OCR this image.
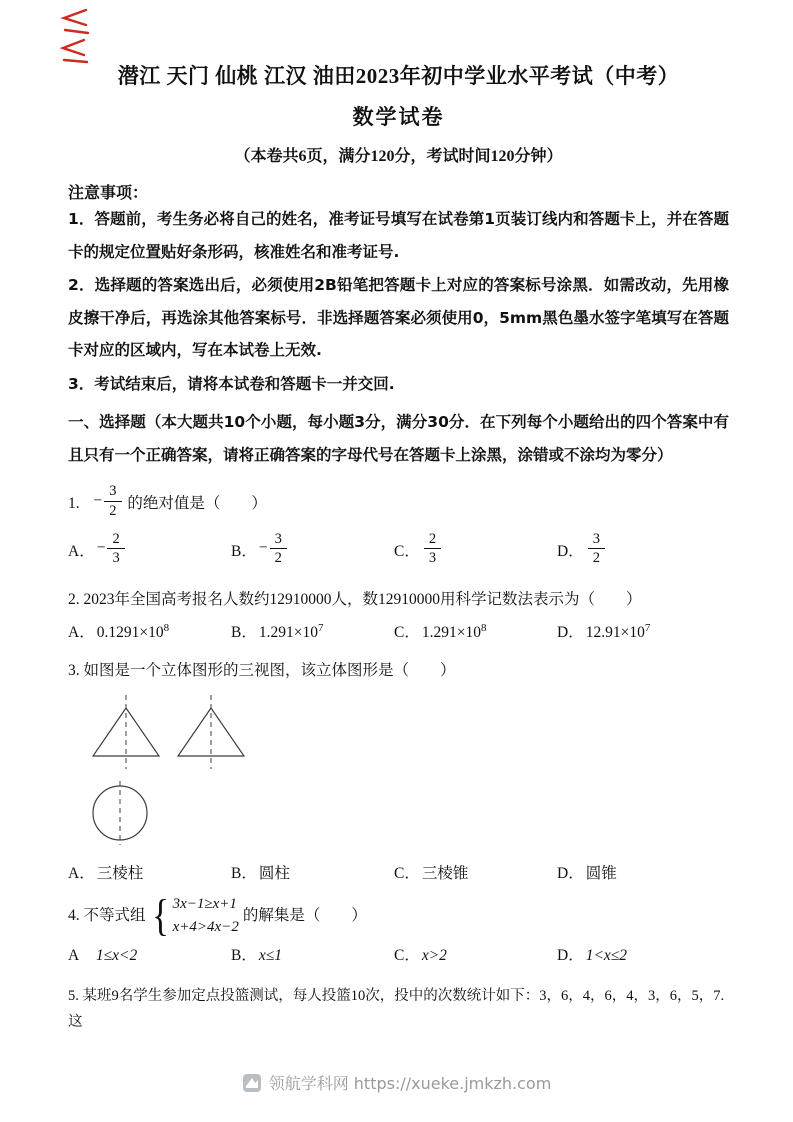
潜江 天门 仙桃 江汉 油田2023年初中学业水平考试（中考）
数学试卷
（本卷共6页，满分120分，考试时间120分钟）
注意事项：

1．答题前，考生务必将自己的姓名，准考证号填写在试卷第1页装订线内和答题卡上，并在答题卡的规定位置贴好条形码，核准姓名和准考证号.

2．选择题的答案选出后，必须使用2B铅笔把答题卡上对应的答案标号涂黑．如需改动，先用橡皮擦干净后，再选涂其他答案标号．非选择题答案必须使用0，5mm黑色墨水签字笔填写在答题卡对应的区域内，写在本试卷上无效.

3．考试结束后，请将本试卷和答题卡一并交回.

一、选择题（本大题共10个小题，每小题3分，满分30分．在下列每个小题给出的四个答案中有且只有一个正确答案，请将正确答案的字母代号在答题卡上涂黑，涂错或不涂均为零分）

1. − $\frac{3}{2}$ 的绝对值是（　　）
A． − $\frac{2}{3}$	B． − $\frac{3}{2}$	C． $\frac{2}{3}$	D． $\frac{3}{2}$
2. 2023年全国高考报名人数约12910000人，数12910000用科学记数法表示为（　　）
A． $0.1291\times 10^8$	B． $1.291\times 10^7$	C． $1.291\times 10^8$	D． $12.91\times 10^7$
3. 如图是一个立体图形的三视图，该立体图形是（　　）
A． 三棱柱	B． 圆柱	C． 三棱锥	D． 圆锥
4. 不等式组 { 3x−1≥x+1
x+4>4x−2
的解集是（　　）
A　1≤x<2	B． x≤1	C． x>2	D． 1<x≤2
5. 某班9名学生参加定点投篮测试，每人投篮10次，投中的次数统计如下：3，6，4，6，4，3，6，5，7.这
领航学科网 https://xueke.jmkzh.com
